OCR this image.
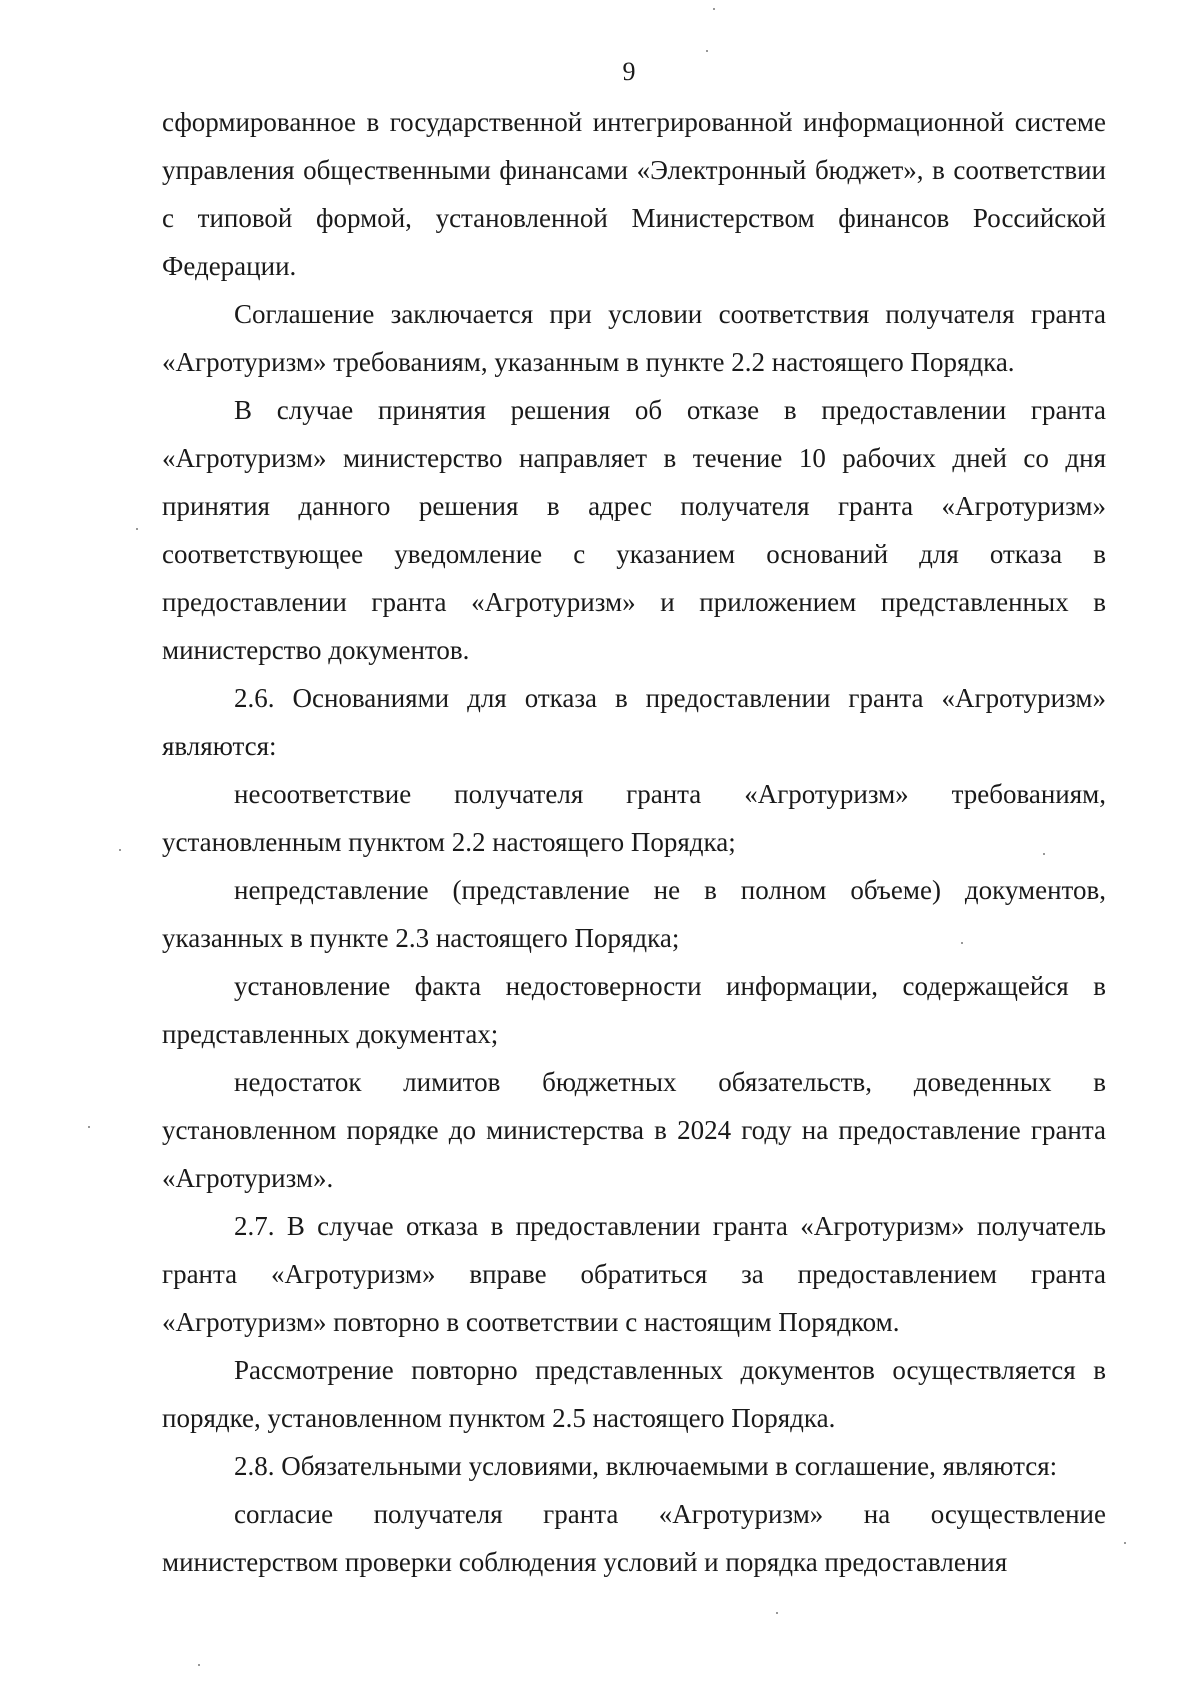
9

сформированное в государственной интегрированной информационной системе управления общественными финансами «Электронный бюджет», в соответствии с типовой формой, установленной Министерством финансов Российской Федерации.

Соглашение заключается при условии соответствия получателя гранта «Агротуризм» требованиям, указанным в пункте 2.2 настоящего Порядка.

В случае принятия решения об отказе в предоставлении гранта «Агротуризм» министерство направляет в течение 10 рабочих дней со дня принятия данного решения в адрес получателя гранта «Агротуризм» соответствующее уведомление с указанием оснований для отказа в предоставлении гранта «Агротуризм» и приложением представленных в министерство документов.

2.6. Основаниями для отказа в предоставлении гранта «Агротуризм» являются:

несоответствие получателя гранта «Агротуризм» требованиям, установленным пунктом 2.2 настоящего Порядка;

непредставление (представление не в полном объеме) документов, указанных в пункте 2.3 настоящего Порядка;

установление факта недостоверности информации, содержащейся в представленных документах;

недостаток лимитов бюджетных обязательств, доведенных в установленном порядке до министерства в 2024 году на предоставление гранта «Агротуризм».

2.7. В случае отказа в предоставлении гранта «Агротуризм» получатель гранта «Агротуризм» вправе обратиться за предоставлением гранта «Агротуризм» повторно в соответствии с настоящим Порядком.

Рассмотрение повторно представленных документов осуществляется в порядке, установленном пунктом 2.5 настоящего Порядка.

2.8. Обязательными условиями, включаемыми в соглашение, являются:

согласие получателя гранта «Агротуризм» на осуществление министерством проверки соблюдения условий и порядка предоставления
